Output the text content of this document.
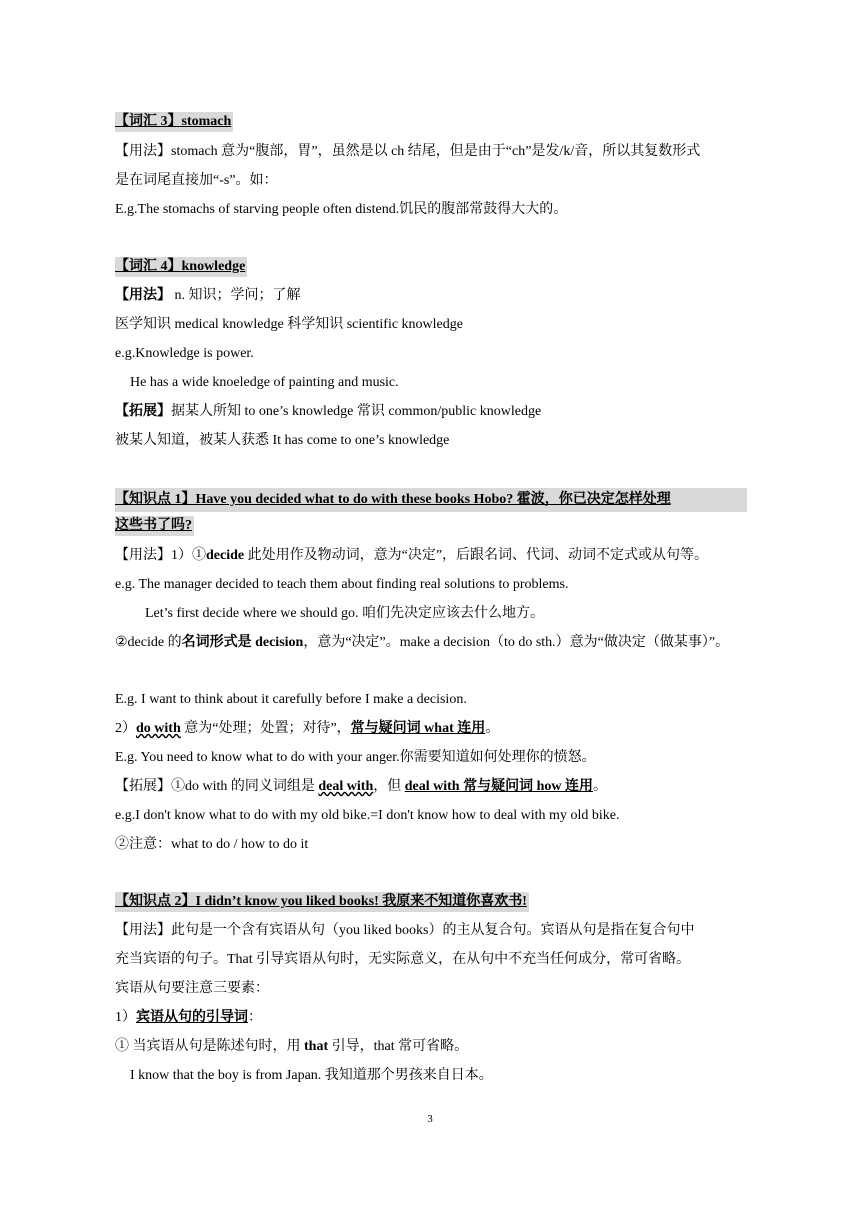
【词汇 3】stomach
【用法】stomach 意为“腹部，胃”，虽然是以 ch 结尾，但是由于“ch”是发/k/音，所以其复数形式
是在词尾直接加“-s”。如：
E.g.The stomachs of starving people often distend.饥民的腹部常鼓得大大的。
【词汇 4】knowledge
【用法】 n. 知识；学问；了解
医学知识 medical knowledge 科学知识 scientific knowledge
e.g.Knowledge is power.
He has a wide knoeledge of painting and music.
【拓展】据某人所知 to one’s knowledge 常识 common/public knowledge
被某人知道，被某人获悉 It has come to one’s knowledge
【知识点 1】Have you decided what to do with these books Hobo? 霍波，你已决定怎样处理
这些书了吗?
【用法】1）①decide 此处用作及物动词，意为“决定”，后跟名词、代词、动词不定式或从句等。
e.g. The manager decided to teach them about finding real solutions to problems.
Let’s first decide where we should go. 咱们先决定应该去什么地方。
②decide 的名词形式是 decision，意为“决定”。make a decision（to do sth.）意为“做决定（做某事）”。
E.g. I want to think about it carefully before I make a decision.
2）do with 意为“处理；处置；对待”，常与疑问词 what 连用。
E.g. You need to know what to do with your anger.你需要知道如何处理你的愤怒。
【拓展】①do with 的同义词组是 deal with，但 deal with 常与疑问词 how 连用。
e.g.I don't know what to do with my old bike.=I don't know how to deal with my old bike.
②注意：what to do / how to do it
【知识点 2】I didn’t know you liked books! 我原来不知道你喜欢书!
【用法】此句是一个含有宾语从句（you liked books）的主从复合句。宾语从句是指在复合句中
充当宾语的句子。That 引导宾语从句时，无实际意义，在从句中不充当任何成分，常可省略。
宾语从句要注意三要素：
1）宾语从句的引导词：
① 当宾语从句是陈述句时，用 that 引导，that 常可省略。
I know that the boy is from Japan. 我知道那个男孩来自日本。
3
